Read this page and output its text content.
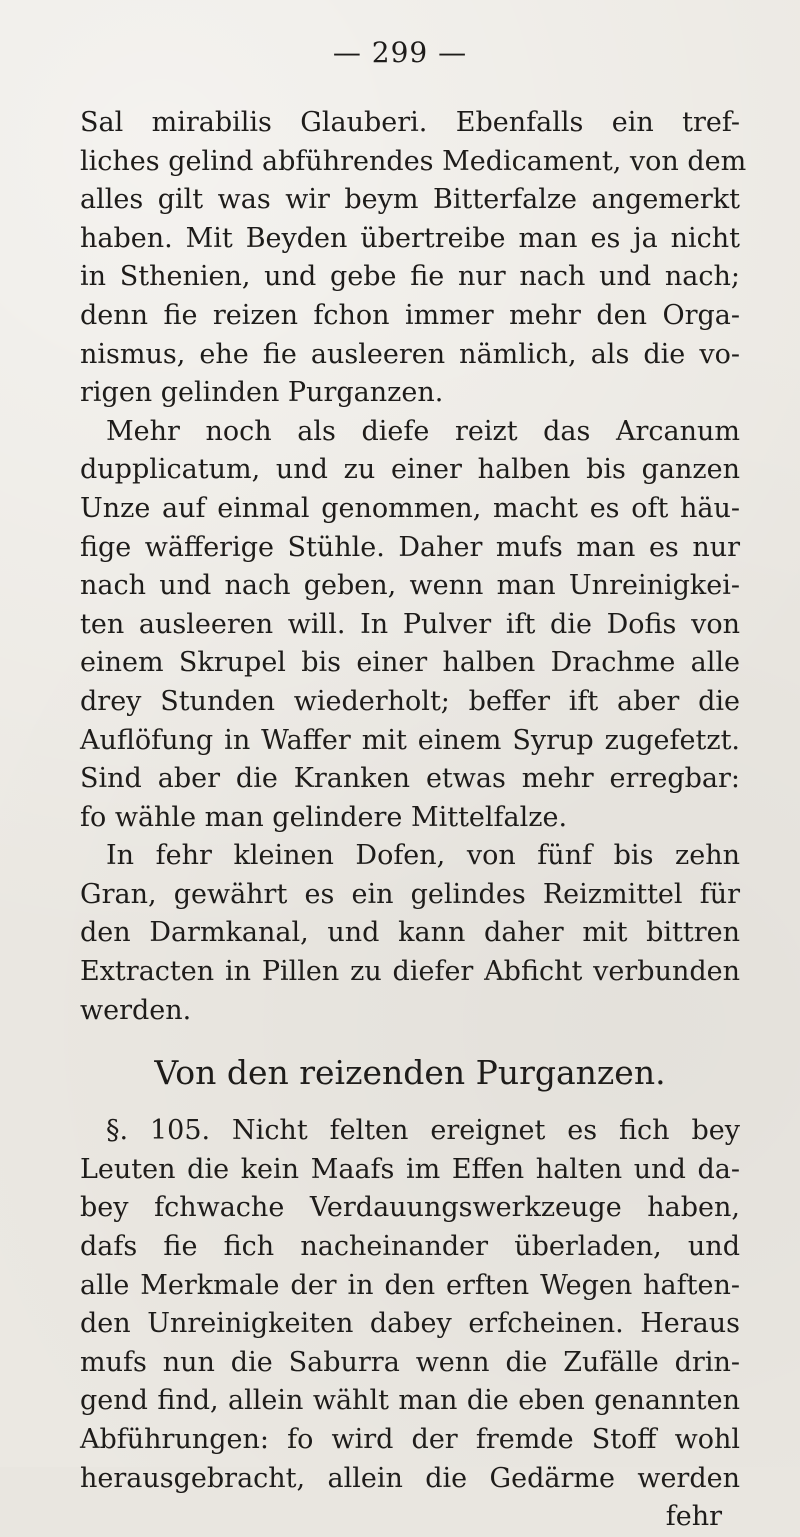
— 299 —
Sal mirabilis Glauberi. Ebenfalls ein tref-
liches gelind abführendes Medicament, von dem
alles gilt was wir beym Bitterfalze angemerkt
haben. Mit Beyden übertreibe man es ja nicht
in Sthenien, und gebe fie nur nach und nach;
denn fie reizen fchon immer mehr den Orga-
nismus, ehe fie ausleeren nämlich, als die vo-
rigen gelinden Purganzen.
Mehr noch als diefe reizt das Arcanum
dupplicatum, und zu einer halben bis ganzen
Unze auf einmal genommen, macht es oft häu-
fige wäfferige Stühle. Daher mufs man es nur
nach und nach geben, wenn man Unreinigkei-
ten ausleeren will. In Pulver ift die Dofis von
einem Skrupel bis einer halben Drachme alle
drey Stunden wiederholt; beffer ift aber die
Auflöfung in Waffer mit einem Syrup zugefetzt.
Sind aber die Kranken etwas mehr erregbar:
fo wähle man gelindere Mittelfalze.
In fehr kleinen Dofen, von fünf bis zehn
Gran, gewährt es ein gelindes Reizmittel für
den Darmkanal, und kann daher mit bittren
Extracten in Pillen zu diefer Abficht verbunden
werden.
Von den reizenden Purganzen.
§. 105. Nicht felten ereignet es fich bey
Leuten die kein Maafs im Effen halten und da-
bey fchwache Verdauungswerkzeuge haben,
dafs fie fich nacheinander überladen, und
alle Merkmale der in den erften Wegen haften-
den Unreinigkeiten dabey erfcheinen. Heraus
mufs nun die Saburra wenn die Zufälle drin-
gend find, allein wählt man die eben genannten
Abführungen: fo wird der fremde Stoff wohl
herausgebracht, allein die Gedärme werden
fehr
